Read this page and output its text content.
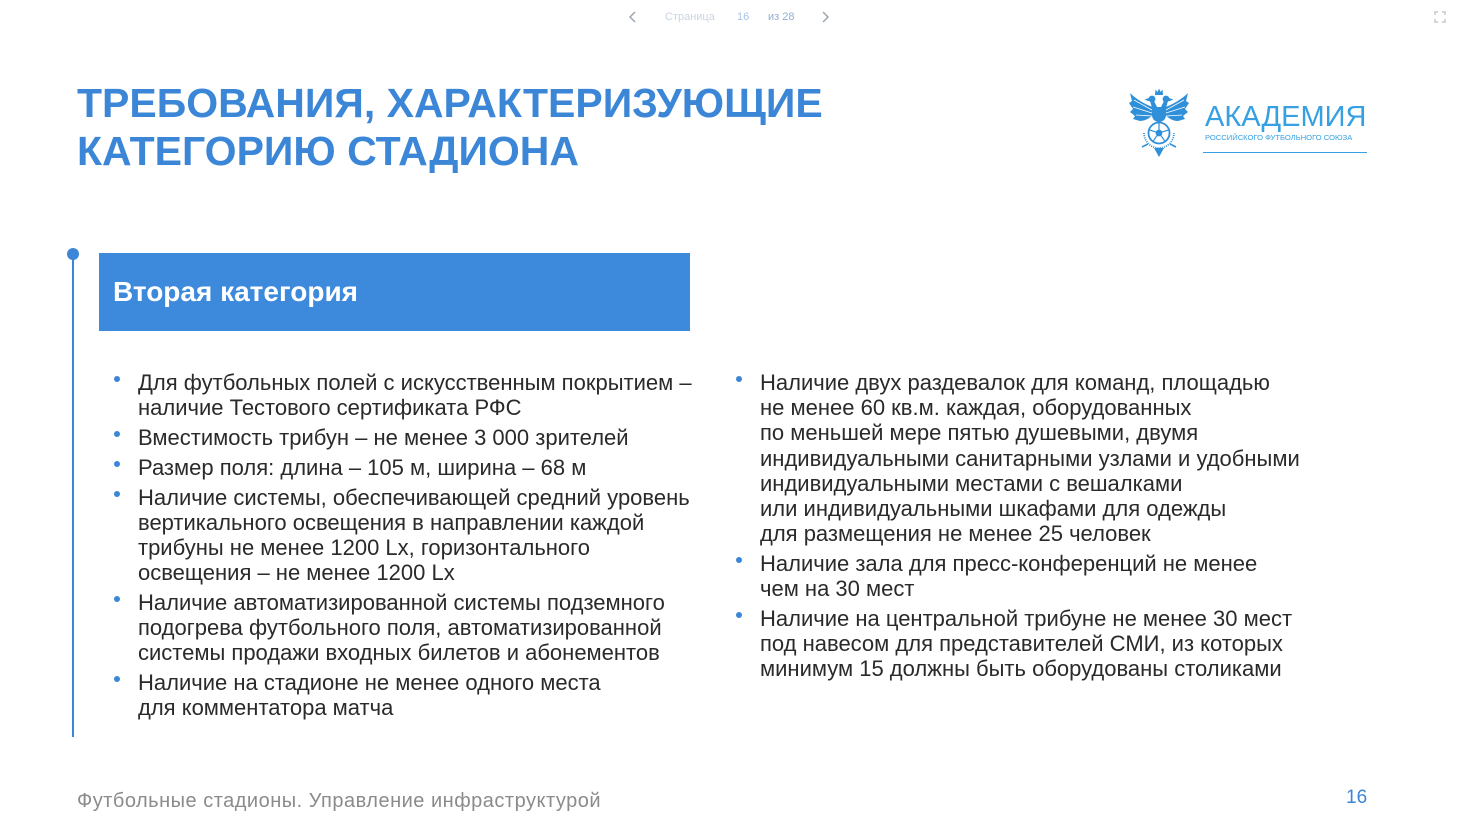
Страница 16 из 28
ТРЕБОВАНИЯ, ХАРАКТЕРИЗУЮЩИЕ
КАТЕГОРИЮ СТАДИОНА
АКАДЕМИЯ
РОССИЙСКОГО ФУТБОЛЬНОГО СОЮЗА
Вторая категория
Для футбольных полей с искусственным покрытием –
наличие Тестового сертификата РФС
Вместимость трибун – не менее 3 000 зрителей
Размер поля: длина – 105 м, ширина – 68 м
Наличие системы, обеспечивающей средний уровень
вертикального освещения в направлении каждой
трибуны не менее 1200 Lx, горизонтального
освещения – не менее 1200 Lx
Наличие автоматизированной системы подземного
подогрева футбольного поля, автоматизированной
системы продажи входных билетов и абонементов
Наличие на стадионе не менее одного места
для комментатора матча
Наличие двух раздевалок для команд, площадью
не менее 60 кв.м. каждая, оборудованных
по меньшей мере пятью душевыми, двумя
индивидуальными санитарными узлами и удобными
индивидуальными местами с вешалками
или индивидуальными шкафами для одежды
для размещения не менее 25 человек
Наличие зала для пресс-конференций не менее
чем на 30 мест
Наличие на центральной трибуне не менее 30 мест
под навесом для представителей СМИ, из которых
минимум 15 должны быть оборудованы столиками
Футбольные стадионы. Управление инфраструктурой	16
